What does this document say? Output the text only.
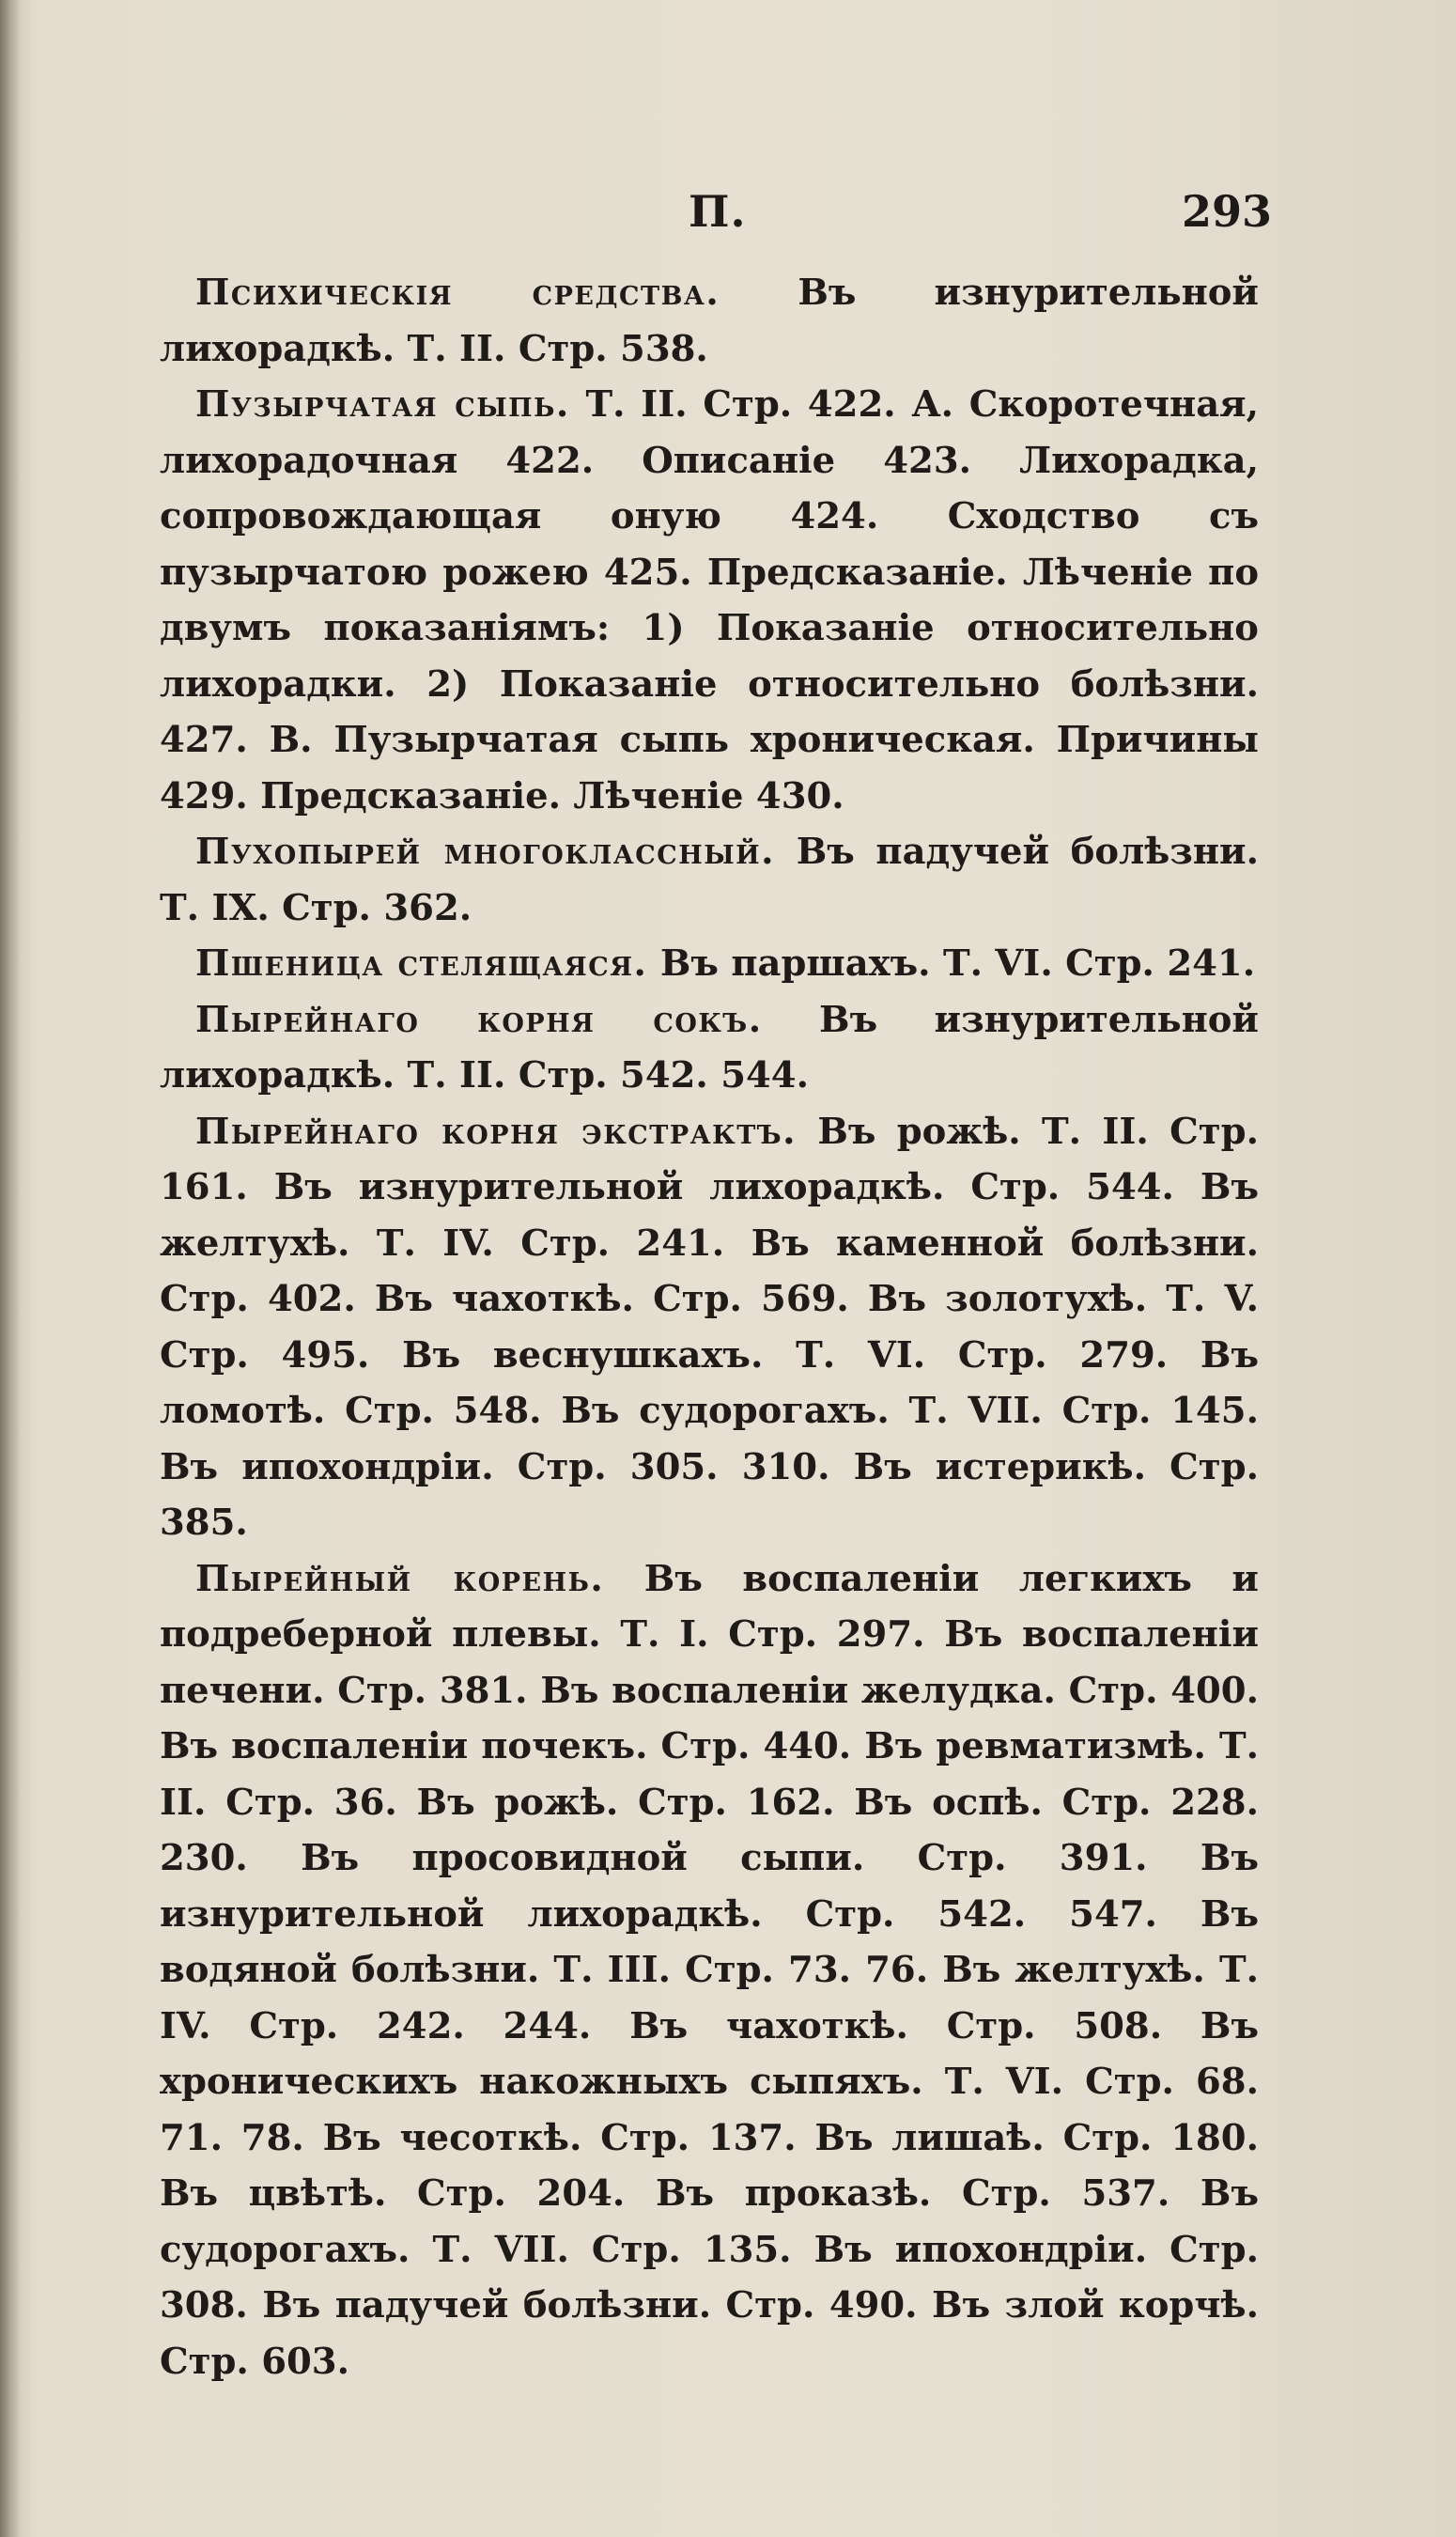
П.	293

Психическія средства. Въ изнурительной лихорадкѣ. Т. II. Стр. 538.

Пузырчатая сыпь. Т. II. Стр. 422. А. Скоротечная, лихорадочная 422. Описаніе 423. Лихорадка, сопровождающая оную 424. Сходство съ пузырчатою рожею 425. Предсказаніе. Лѣченіе по двумъ показаніямъ: 1) Показаніе относительно лихорадки. 2) Показаніе относительно болѣзни. 427. В. Пузырчатая сыпь хроническая. Причины 429. Предсказаніе. Лѣченіе 430.

Пухопырей многоклассный. Въ падучей болѣзни. Т. IX. Стр. 362.

Пшеница стелящаяся. Въ паршахъ. Т. VI. Стр. 241.

Пырейнаго корня сокъ. Въ изнурительной лихорадкѣ. Т. II. Стр. 542. 544.

Пырейнаго корня экстрактъ. Въ рожѣ. Т. II. Стр. 161. Въ изнурительной лихорадкѣ. Стр. 544. Въ желтухѣ. Т. IV. Стр. 241. Въ каменной болѣзни. Стр. 402. Въ чахоткѣ. Стр. 569. Въ золотухѣ. Т. V. Стр. 495. Въ веснушкахъ. Т. VI. Стр. 279. Въ ломотѣ. Стр. 548. Въ судорогахъ. Т. VII. Стр. 145. Въ ипохондріи. Стр. 305. 310. Въ истерикѣ. Стр. 385.

Пырейный корень. Въ воспаленіи легкихъ и подреберной плевы. Т. I. Стр. 297. Въ воспаленіи печени. Стр. 381. Въ воспаленіи желудка. Стр. 400. Въ воспаленіи почекъ. Стр. 440. Въ ревматизмѣ. Т. II. Стр. 36. Въ рожѣ. Стр. 162. Въ оспѣ. Стр. 228. 230. Въ просовидной сыпи. Стр. 391. Въ изнурительной лихорадкѣ. Стр. 542. 547. Въ водяной болѣзни. Т. III. Стр. 73. 76. Въ желтухѣ. Т. IV. Стр. 242. 244. Въ чахоткѣ. Стр. 508. Въ хроническихъ накожныхъ сыпяхъ. Т. VI. Стр. 68. 71. 78. Въ чесоткѣ. Стр. 137. Въ лишаѣ. Стр. 180. Въ цвѣтѣ. Стр. 204. Въ проказѣ. Стр. 537. Въ судорогахъ. Т. VII. Стр. 135. Въ ипохондріи. Стр. 308. Въ падучей болѣзни. Стр. 490. Въ злой корчѣ. Стр. 603.
